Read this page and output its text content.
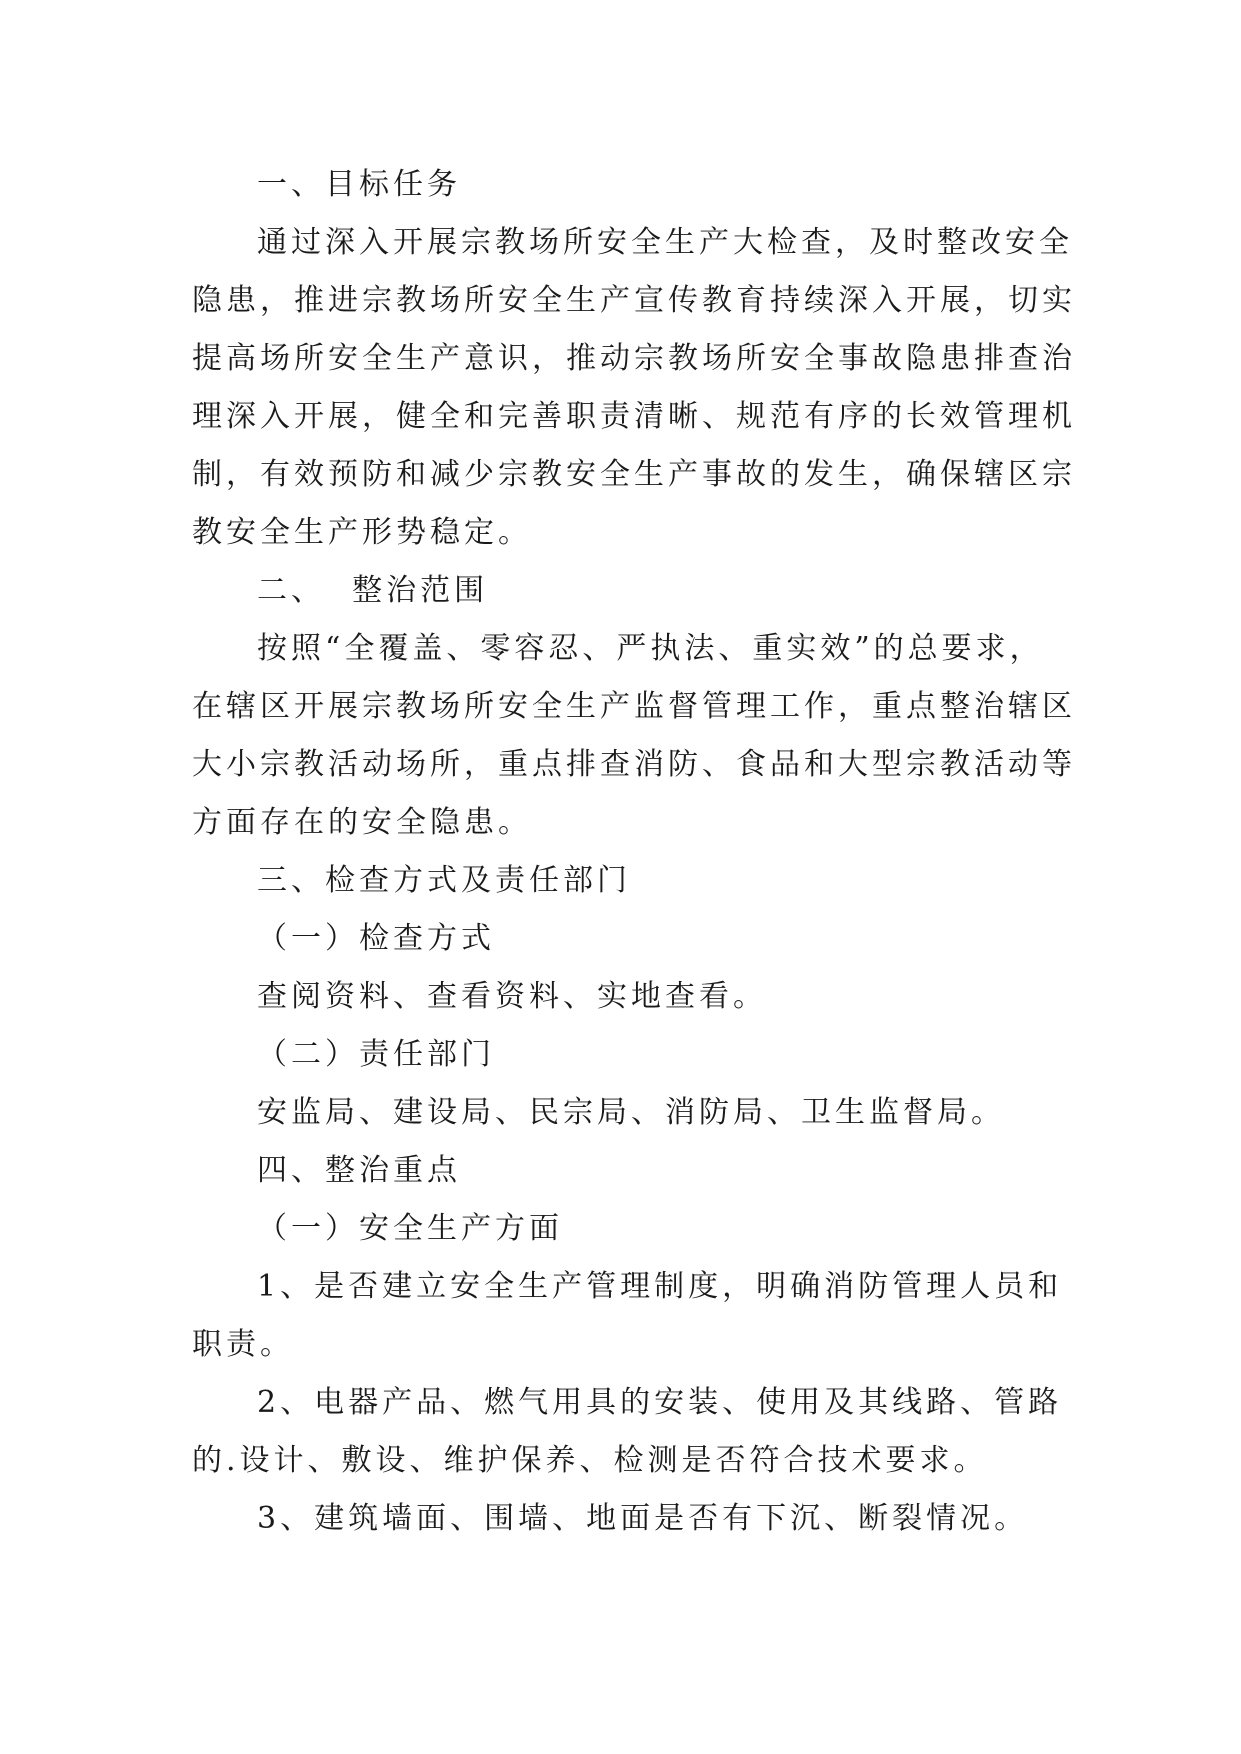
一、目标任务
通过深入开展宗教场所安全生产大检查，及时整改安全
隐患，推进宗教场所安全生产宣传教育持续深入开展，切实
提高场所安全生产意识，推动宗教场所安全事故隐患排查治
理深入开展，健全和完善职责清晰、规范有序的长效管理机
制，有效预防和减少宗教安全生产事故的发生，确保辖区宗
教安全生产形势稳定。
二、  整治范围
按照“全覆盖、零容忍、严执法、重实效”的总要求，
在辖区开展宗教场所安全生产监督管理工作，重点整治辖区
大小宗教活动场所，重点排查消防、食品和大型宗教活动等
方面存在的安全隐患。
三、检查方式及责任部门
（一）检查方式
查阅资料、查看资料、实地查看。
（二）责任部门
安监局、建设局、民宗局、消防局、卫生监督局。
四、整治重点
（一）安全生产方面
1、是否建立安全生产管理制度，明确消防管理人员和
职责。
2、电器产品、燃气用具的安装、使用及其线路、管路
的.设计、敷设、维护保养、检测是否符合技术要求。
3、建筑墙面、围墙、地面是否有下沉、断裂情况。
